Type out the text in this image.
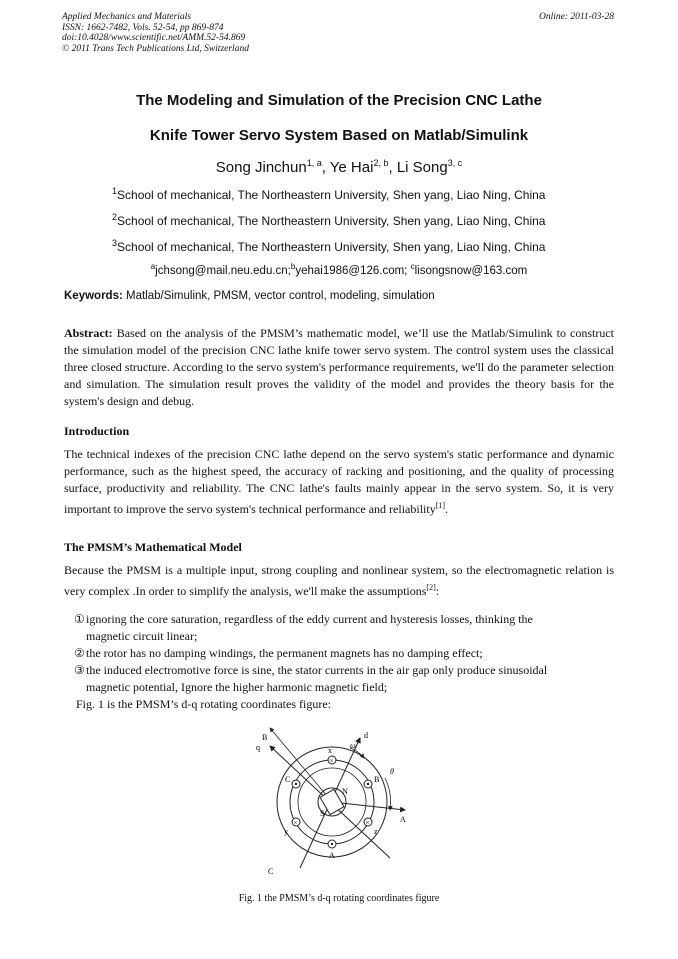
Applied Mechanics and Materials
ISSN: 1662-7482, Vols. 52-54, pp 869-874
doi:10.4028/www.scientific.net/AMM.52-54.869
© 2011 Trans Tech Publications Ltd, Switzerland
Online: 2011-03-28
The Modeling and Simulation of the Precision CNC Lathe
Knife Tower Servo System Based on Matlab/Simulink
Song Jinchun$^{1, a}$, Ye Hai$^{2, b}$, Li Song$^{3, c}$
$^1$School of mechanical, The Northeastern University, Shen yang, Liao Ning, China
$^2$School of mechanical, The Northeastern University, Shen yang, Liao Ning, China
$^3$School of mechanical, The Northeastern University, Shen yang, Liao Ning, China
$^a$jchsong@mail.neu.edu.cn;$^b$yehai1986@126.com; $^c$lisongsnow@163.com
Keywords: Matlab/Simulink, PMSM, vector control, modeling, simulation
Abstract: Based on the analysis of the PMSM’s mathematic model, we’ll use the Matlab/Simulink to construct the simulation model of the precision CNC lathe knife tower servo system. The control system uses the classical three closed structure. According to the servo system's performance requirements, we'll do the parameter selection and simulation. The simulation result proves the validity of the model and provides the theory basis for the system's design and debug.
Introduction
The technical indexes of the precision CNC lathe depend on the servo system's static performance and dynamic performance, such as the highest speed, the accuracy of racking and positioning, and the quality of processing surface, productivity and reliability. The CNC lathe's faults mainly appear in the servo system. So, it is very important to improve the servo system's technical performance and reliability[1].
The PMSM’s Mathematical Model
Because the PMSM is a multiple input, strong coupling and nonlinear system, so the electromagnetic relation is very complex .In order to simplify the analysis, we'll make the assumptions[2]:
①ignoring the core saturation, regardless of the eddy current and hysteresis losses, thinking the
magnetic circuit linear;
②the rotor has no damping windings, the permanent magnets has no damping effect;
③the induced electromotive force is sine, the stator currents in the air gap only produce sinusoidal
magnetic potential, Ignore the higher harmonic magnetic field;
Fig. 1 is the PMSM’s d-q rotating coordinates figure:
×
×	×
B
q
d
ω
θ
A
C
x
y	z
N
S
A
B
C
Fig. 1 the PMSM’s d-q rotating coordinates figure
